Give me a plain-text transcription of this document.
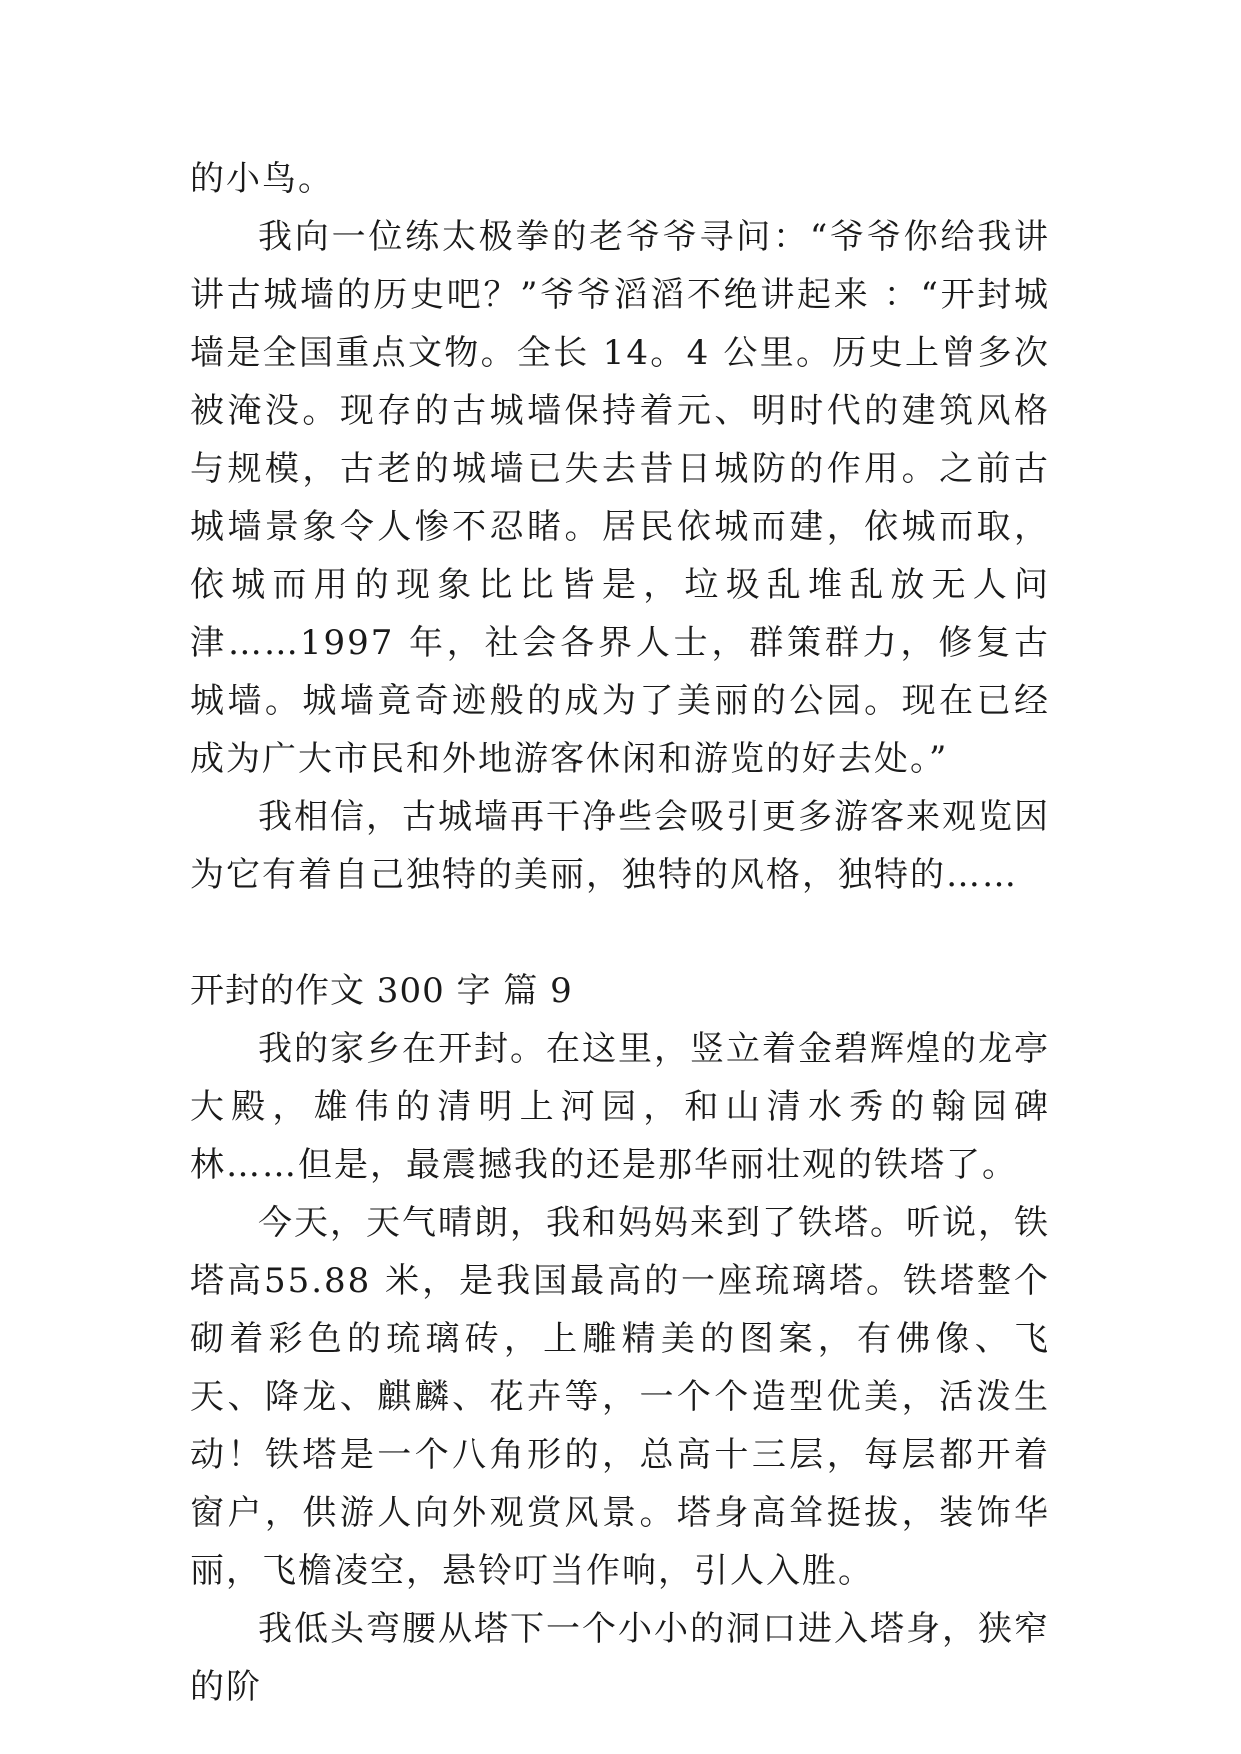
的小鸟。

我向一位练太极拳的老爷爷寻问：“爷爷你给我讲讲古城墙的历史吧？”爷爷滔滔不绝讲起来 ：“开封城墙是全国重点文物。全长 14。4 公里。历史上曾多次被淹没。现存的古城墙保持着元、明时代的建筑风格与规模，古老的城墙已失去昔日城防的作用。之前古城墙景象令人惨不忍睹。居民依城而建，依城而取，依城而用的现象比比皆是，垃圾乱堆乱放无人问津……1997 年，社会各界人士，群策群力，修复古城墙。城墙竟奇迹般的成为了美丽的公园。现在已经成为广大市民和外地游客休闲和游览的好去处。”

我相信，古城墙再干净些会吸引更多游客来观览因为它有着自己独特的美丽，独特的风格，独特的……

开封的作文 300 字 篇 9

我的家乡在开封。在这里，竖立着金碧辉煌的龙亭大殿，雄伟的清明上河园，和山清水秀的翰园碑林……但是，最震撼我的还是那华丽壮观的铁塔了。

今天，天气晴朗，我和妈妈来到了铁塔。听说，铁塔高55.88 米，是我国最高的一座琉璃塔。铁塔整个砌着彩色的琉璃砖，上雕精美的图案，有佛像、飞天、降龙、麒麟、花卉等，一个个造型优美，活泼生动！铁塔是一个八角形的，总高十三层，每层都开着窗户，供游人向外观赏风景。塔身高耸挺拔，装饰华丽，飞檐凌空，悬铃叮当作响，引人入胜。

我低头弯腰从塔下一个小小的洞口进入塔身，狭窄的阶
